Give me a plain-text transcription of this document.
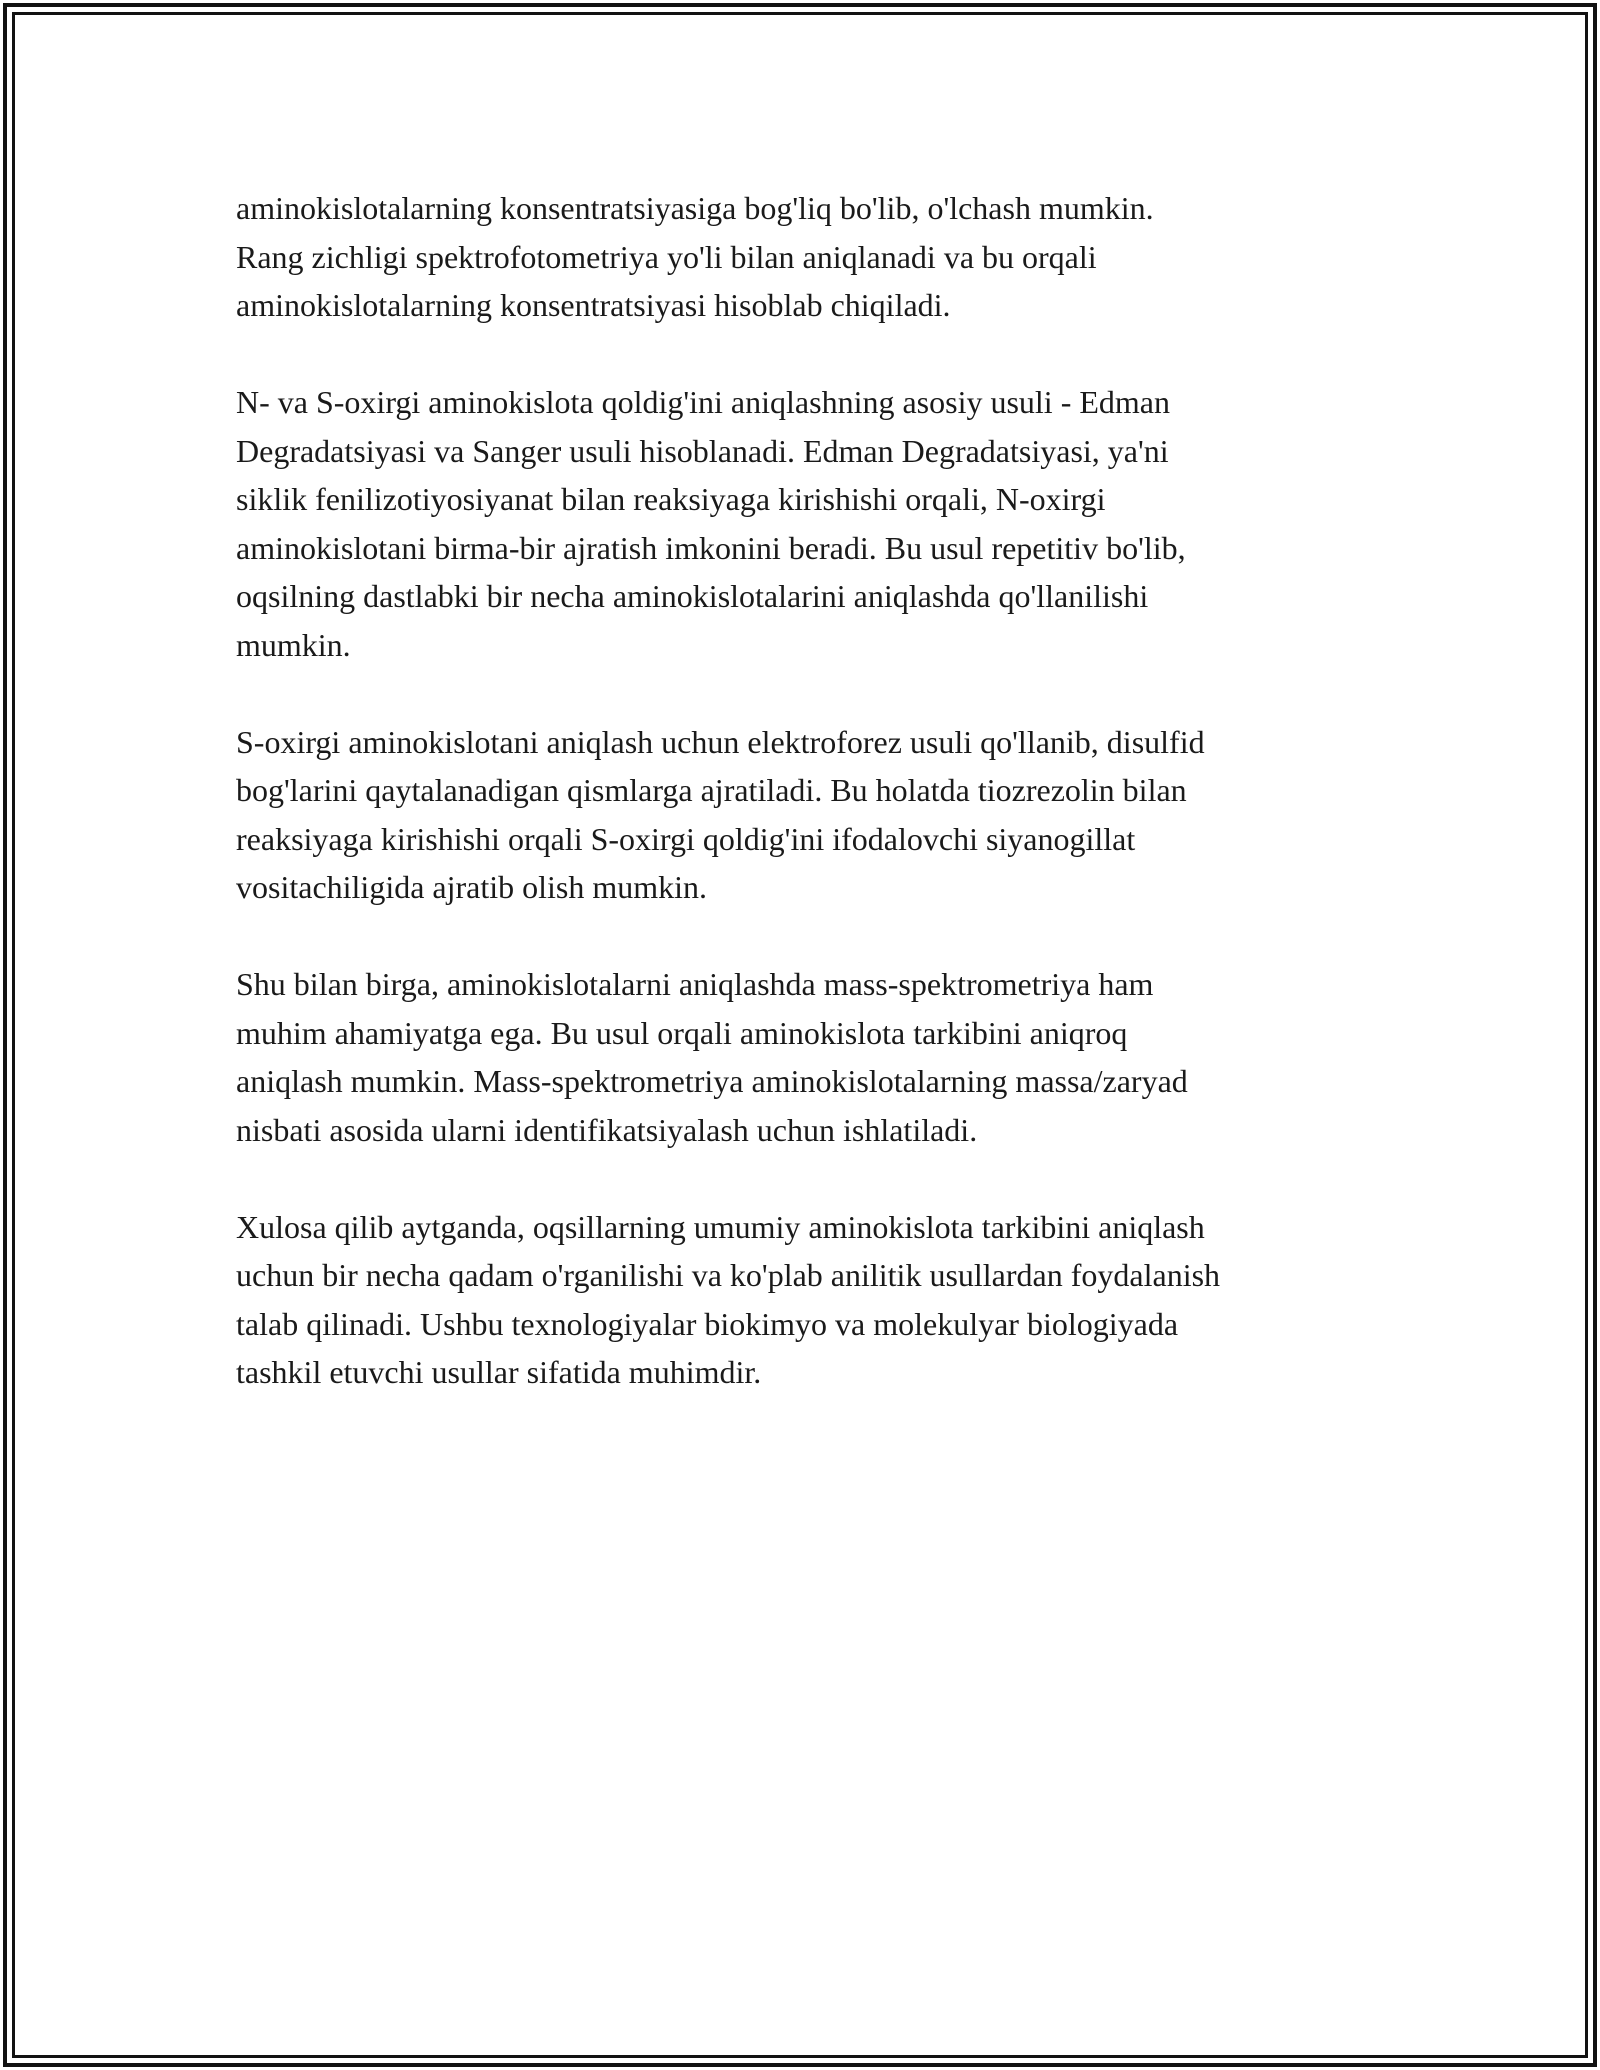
aminokislotalarning konsentratsiyasiga bog'liq bo'lib, o'lchash mumkin.
Rang zichligi spektrofotometriya yo'li bilan aniqlanadi va bu orqali
aminokislotalarning konsentratsiyasi hisoblab chiqiladi.

N- va S-oxirgi aminokislota qoldig'ini aniqlashning asosiy usuli - Edman
Degradatsiyasi va Sanger usuli hisoblanadi. Edman Degradatsiyasi, ya'ni
siklik fenilizotiyosiyanat bilan reaksiyaga kirishishi orqali, N-oxirgi
aminokislotani birma-bir ajratish imkonini beradi. Bu usul repetitiv bo'lib,
oqsilning dastlabki bir necha aminokislotalarini aniqlashda qo'llanilishi
mumkin.

S-oxirgi aminokislotani aniqlash uchun elektroforez usuli qo'llanib, disulfid
bog'larini qaytalanadigan qismlarga ajratiladi. Bu holatda tiozrezolin bilan
reaksiyaga kirishishi orqali S-oxirgi qoldig'ini ifodalovchi siyanogillat
vositachiligida ajratib olish mumkin.

Shu bilan birga, aminokislotalarni aniqlashda mass-spektrometriya ham
muhim ahamiyatga ega. Bu usul orqali aminokislota tarkibini aniqroq
aniqlash mumkin. Mass-spektrometriya aminokislotalarning massa/zaryad
nisbati asosida ularni identifikatsiyalash uchun ishlatiladi.

Xulosa qilib aytganda, oqsillarning umumiy aminokislota tarkibini aniqlash
uchun bir necha qadam o'rganilishi va ko'plab anilitik usullardan foydalanish
talab qilinadi. Ushbu texnologiyalar biokimyo va molekulyar biologiyada
tashkil etuvchi usullar sifatida muhimdir.
